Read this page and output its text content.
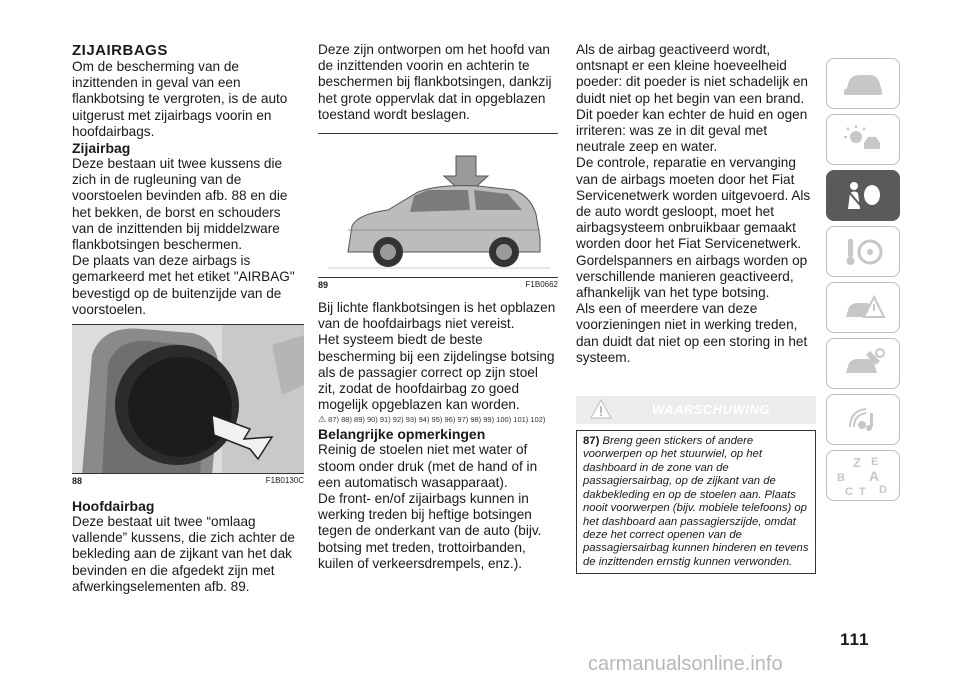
ZIJAIRBAGS

Om de bescherming van de inzittenden in geval van een flankbotsing te vergroten, is de auto uitgerust met zijairbags voorin en hoofdairbags.

Zijairbag

Deze bestaan uit twee kussens die zich in de rugleuning van de voorstoelen bevinden afb. 88 en die het bekken, de borst en schouders van de inzittenden bij middelzware flankbotsingen beschermen.

De plaats van deze airbags is gemarkeerd met het etiket "AIRBAG" bevestigd op de buitenzijde van de voorstoelen.

88	F1B0130C

Hoofdairbag

Deze bestaat uit twee “omlaag vallende” kussens, die zich achter de bekleding aan de zijkant van het dak bevinden en die afgedekt zijn met afwerkingselementen afb. 89.

Deze zijn ontworpen om het hoofd van de inzittenden voorin en achterin te beschermen bij flankbotsingen, dankzij het grote oppervlak dat in opgeblazen toestand wordt beslagen.

89	F1B0662

Bij lichte flankbotsingen is het opblazen van de hoofdairbags niet vereist.

Het systeem biedt de beste bescherming bij een zijdelingse botsing als de passagier correct op zijn stoel zit, zodat de hoofdairbag zo goed mogelijk opgeblazen kan worden.

⚠ 87) 88) 89) 90) 91) 92) 93) 94) 95) 96) 97) 98) 99) 100) 101) 102)

Belangrijke opmerkingen

Reinig de stoelen niet met water of stoom onder druk (met de hand of in een automatisch wasapparaat).

De front- en/of zijairbags kunnen in werking treden bij heftige botsingen tegen de onderkant van de auto (bijv. botsing met treden, trottoirbanden, kuilen of verkeersdrempels, enz.).

Als de airbag geactiveerd wordt, ontsnapt er een kleine hoeveelheid poeder: dit poeder is niet schadelijk en duidt niet op het begin van een brand. Dit poeder kan echter de huid en ogen irriteren: was ze in dit geval met neutrale zeep en water.

De controle, reparatie en vervanging van de airbags moeten door het Fiat Servicenetwerk worden uitgevoerd. Als de auto wordt gesloopt, moet het airbagsysteem onbruikbaar gemaakt worden door het Fiat Servicenetwerk.

Gordelspanners en airbags worden op verschillende manieren geactiveerd, afhankelijk van het type botsing.

Als een of meerdere van deze voorzieningen niet in werking treden, dan duidt dat niet op een storing in het systeem.

WAARSCHUWING
87) Breng geen stickers of andere voorwerpen op het stuurwiel, op het dashboard in de zone van de passagiersairbag, op de zijkant van de dakbekleding en op de stoelen aan. Plaats nooit voorwerpen (bijv. mobiele telefoons) op het dashboard aan passagierszijde, omdat deze het correct openen van de passagiersairbag kunnen hinderen en tevens de inzittenden ernstig kunnen verwonden.
Z E
B A
C T D
111
carmanualsonline.info
